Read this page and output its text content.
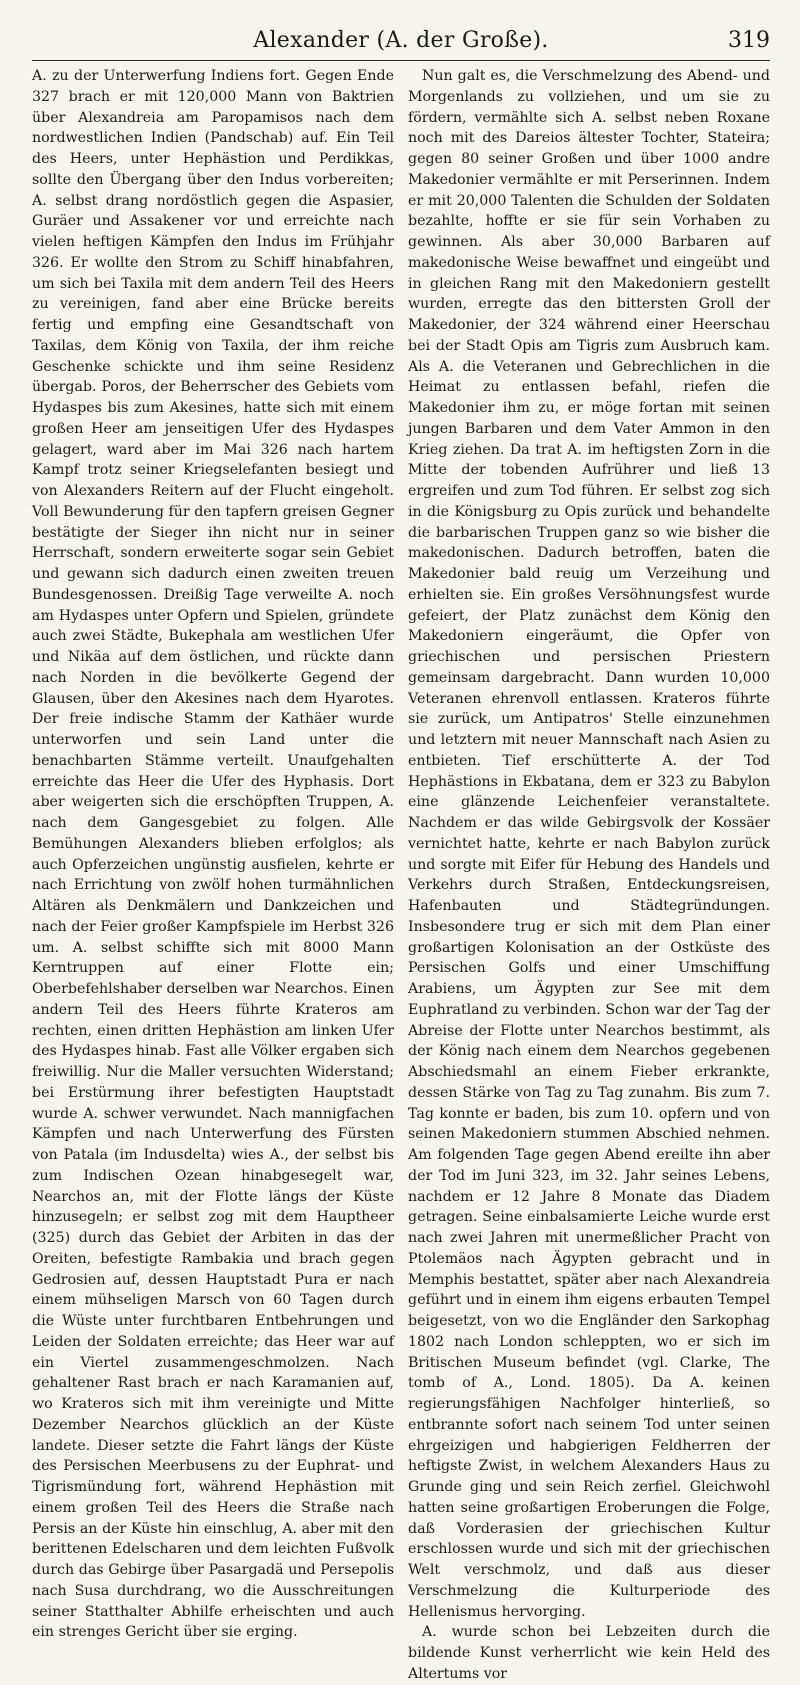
Alexander (A. der Große).	319

A. zu der Unterwerfung Indiens fort. Gegen Ende 327 brach er mit 120,000 Mann von Baktrien über Alexandreia am Paropamisos nach dem nordwestlichen Indien (Pandschab) auf. Ein Teil des Heers, unter Hephästion und Perdikkas, sollte den Übergang über den Indus vorbereiten; A. selbst drang nordöstlich gegen die Aspasier, Guräer und Assakener vor und erreichte nach vielen heftigen Kämpfen den Indus im Frühjahr 326. Er wollte den Strom zu Schiff hinabfahren, um sich bei Taxila mit dem andern Teil des Heers zu vereinigen, fand aber eine Brücke bereits fertig und empfing eine Gesandtschaft von Taxilas, dem König von Taxila, der ihm reiche Geschenke schickte und ihm seine Residenz übergab. Poros, der Beherrscher des Gebiets vom Hydaspes bis zum Akesines, hatte sich mit einem großen Heer am jenseitigen Ufer des Hydaspes gelagert, ward aber im Mai 326 nach hartem Kampf trotz seiner Kriegselefanten besiegt und von Alexanders Reitern auf der Flucht eingeholt. Voll Bewunderung für den tapfern greisen Gegner bestätigte der Sieger ihn nicht nur in seiner Herrschaft, sondern erweiterte sogar sein Gebiet und gewann sich dadurch einen zweiten treuen Bundesgenossen. Dreißig Tage verweilte A. noch am Hydaspes unter Opfern und Spielen, gründete auch zwei Städte, Bukephala am westlichen Ufer und Nikäa auf dem östlichen, und rückte dann nach Norden in die bevölkerte Gegend der Glausen, über den Akesines nach dem Hyarotes. Der freie indische Stamm der Kathäer wurde unterworfen und sein Land unter die benachbarten Stämme verteilt. Unaufgehalten erreichte das Heer die Ufer des Hyphasis. Dort aber weigerten sich die erschöpften Truppen, A. nach dem Gangesgebiet zu folgen. Alle Bemühungen Alexanders blieben erfolglos; als auch Opferzeichen ungünstig ausfielen, kehrte er nach Errichtung von zwölf hohen turmähnlichen Altären als Denkmälern und Dankzeichen und nach der Feier großer Kampfspiele im Herbst 326 um. A. selbst schiffte sich mit 8000 Mann Kerntruppen auf einer Flotte ein; Oberbefehlshaber derselben war Nearchos. Einen andern Teil des Heers führte Krateros am rechten, einen dritten Hephästion am linken Ufer des Hydaspes hinab. Fast alle Völker ergaben sich freiwillig. Nur die Maller versuchten Widerstand; bei Erstürmung ihrer befestigten Hauptstadt wurde A. schwer verwundet. Nach mannigfachen Kämpfen und nach Unterwerfung des Fürsten von Patala (im Indusdelta) wies A., der selbst bis zum Indischen Ozean hinabgesegelt war, Nearchos an, mit der Flotte längs der Küste hinzusegeln; er selbst zog mit dem Hauptheer (325) durch das Gebiet der Arbiten in das der Oreiten, befestigte Rambakia und brach gegen Gedrosien auf, dessen Hauptstadt Pura er nach einem mühseligen Marsch von 60 Tagen durch die Wüste unter furchtbaren Entbehrungen und Leiden der Soldaten erreichte; das Heer war auf ein Viertel zusammengeschmolzen. Nach gehaltener Rast brach er nach Karamanien auf, wo Krateros sich mit ihm vereinigte und Mitte Dezember Nearchos glücklich an der Küste landete. Dieser setzte die Fahrt längs der Küste des Persischen Meerbusens zu der Euphrat- und Tigrismündung fort, während Hephästion mit einem großen Teil des Heers die Straße nach Persis an der Küste hin einschlug, A. aber mit den berittenen Edelscharen und dem leichten Fußvolk durch das Gebirge über Pasargadä und Persepolis nach Susa durchdrang, wo die Ausschreitungen seiner Statthalter Abhilfe erheischten und auch ein strenges Gericht über sie erging.

Nun galt es, die Verschmelzung des Abend- und Morgenlands zu vollziehen, und um sie zu fördern, vermählte sich A. selbst neben Roxane noch mit des Dareios ältester Tochter, Stateira; gegen 80 seiner Großen und über 1000 andre Makedonier vermählte er mit Perserinnen. Indem er mit 20,000 Talenten die Schulden der Soldaten bezahlte, hoffte er sie für sein Vorhaben zu gewinnen. Als aber 30,000 Barbaren auf makedonische Weise bewaffnet und eingeübt und in gleichen Rang mit den Makedoniern gestellt wurden, erregte das den bittersten Groll der Makedonier, der 324 während einer Heerschau bei der Stadt Opis am Tigris zum Ausbruch kam. Als A. die Veteranen und Gebrechlichen in die Heimat zu entlassen befahl, riefen die Makedonier ihm zu, er möge fortan mit seinen jungen Barbaren und dem Vater Ammon in den Krieg ziehen. Da trat A. im heftigsten Zorn in die Mitte der tobenden Aufrührer und ließ 13 ergreifen und zum Tod führen. Er selbst zog sich in die Königsburg zu Opis zurück und behandelte die barbarischen Truppen ganz so wie bisher die makedonischen. Dadurch betroffen, baten die Makedonier bald reuig um Verzeihung und erhielten sie. Ein großes Versöhnungsfest wurde gefeiert, der Platz zunächst dem König den Makedoniern eingeräumt, die Opfer von griechischen und persischen Priestern gemeinsam dargebracht. Dann wurden 10,000 Veteranen ehrenvoll entlassen. Krateros führte sie zurück, um Antipatros' Stelle einzunehmen und letztern mit neuer Mannschaft nach Asien zu entbieten. Tief erschütterte A. der Tod Hephästions in Ekbatana, dem er 323 zu Babylon eine glänzende Leichenfeier veranstaltete. Nachdem er das wilde Gebirgsvolk der Kossäer vernichtet hatte, kehrte er nach Babylon zurück und sorgte mit Eifer für Hebung des Handels und Verkehrs durch Straßen, Entdeckungsreisen, Hafenbauten und Städtegründungen. Insbesondere trug er sich mit dem Plan einer großartigen Kolonisation an der Ostküste des Persischen Golfs und einer Umschiffung Arabiens, um Ägypten zur See mit dem Euphratland zu verbinden. Schon war der Tag der Abreise der Flotte unter Nearchos bestimmt, als der König nach einem dem Nearchos gegebenen Abschiedsmahl an einem Fieber erkrankte, dessen Stärke von Tag zu Tag zunahm. Bis zum 7. Tag konnte er baden, bis zum 10. opfern und von seinen Makedoniern stummen Abschied nehmen. Am folgenden Tage gegen Abend ereilte ihn aber der Tod im Juni 323, im 32. Jahr seines Lebens, nachdem er 12 Jahre 8 Monate das Diadem getragen. Seine einbalsamierte Leiche wurde erst nach zwei Jahren mit unermeßlicher Pracht von Ptolemäos nach Ägypten gebracht und in Memphis bestattet, später aber nach Alexandreia geführt und in einem ihm eigens erbauten Tempel beigesetzt, von wo die Engländer den Sarkophag 1802 nach London schleppten, wo er sich im Britischen Museum befindet (vgl. Clarke, The tomb of A., Lond. 1805). Da A. keinen regierungsfähigen Nachfolger hinterließ, so entbrannte sofort nach seinem Tod unter seinen ehrgeizigen und habgierigen Feldherren der heftigste Zwist, in welchem Alexanders Haus zu Grunde ging und sein Reich zerfiel. Gleichwohl hatten seine großartigen Eroberungen die Folge, daß Vorderasien der griechischen Kultur erschlossen wurde und sich mit der griechischen Welt verschmolz, und daß aus dieser Verschmelzung die Kulturperiode des Hellenismus hervorging.

A. wurde schon bei Lebzeiten durch die bildende Kunst verherrlicht wie kein Held des Altertums vor
